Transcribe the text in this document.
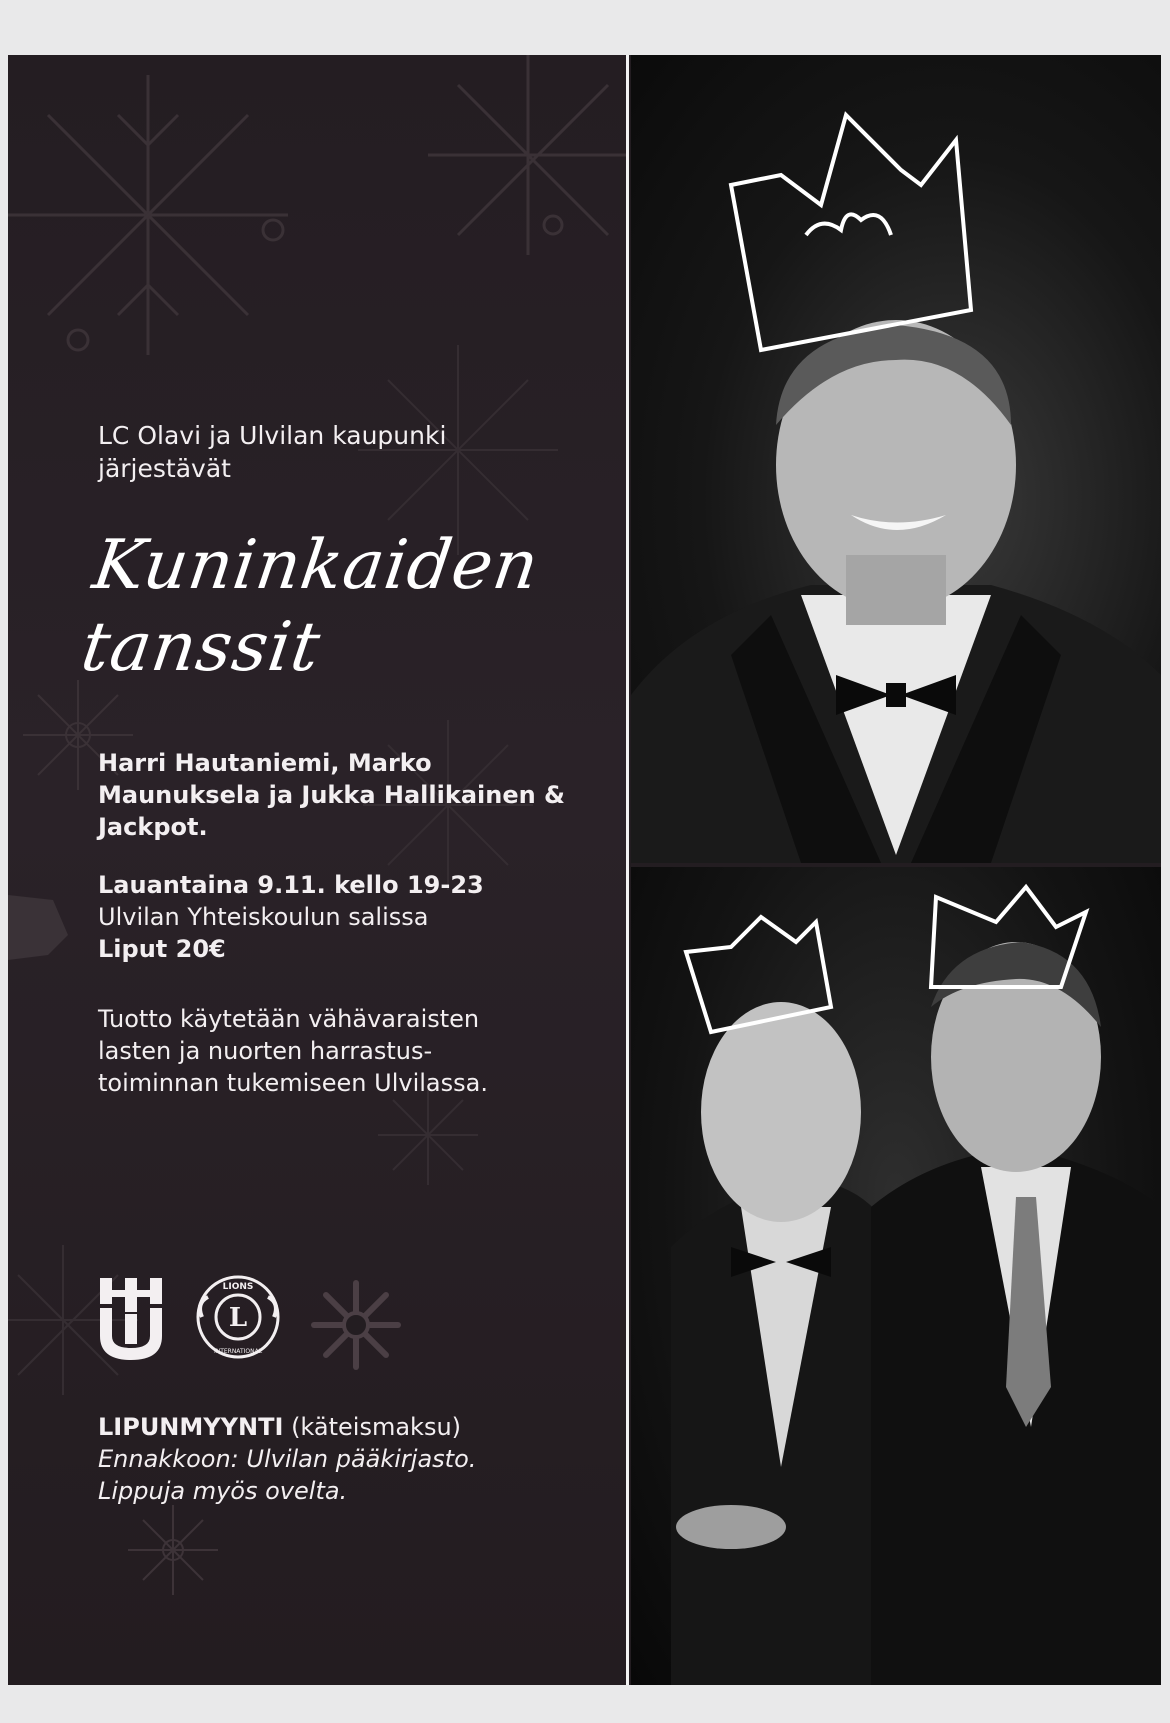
LC Olavi ja Ulvilan kaupunki järjestävät

Kuninkaiden
tanssit

Harri Hautaniemi, Marko Maunuksela ja Jukka Hallikainen & Jackpot.

Lauantaina 9.11. kello 19-23

Ulvilan Yhteiskoulun salissa

Liput 20€

Tuotto käytetään vähävaraisten lasten ja nuorten harrastus-toiminnan tukemiseen Ulvilassa.

L
LIONS
INTERNATIONAL

LIPUNMYYNTI (käteismaksu)

Ennakkoon: Ulvilan pääkirjasto.

Lippuja myös ovelta.
